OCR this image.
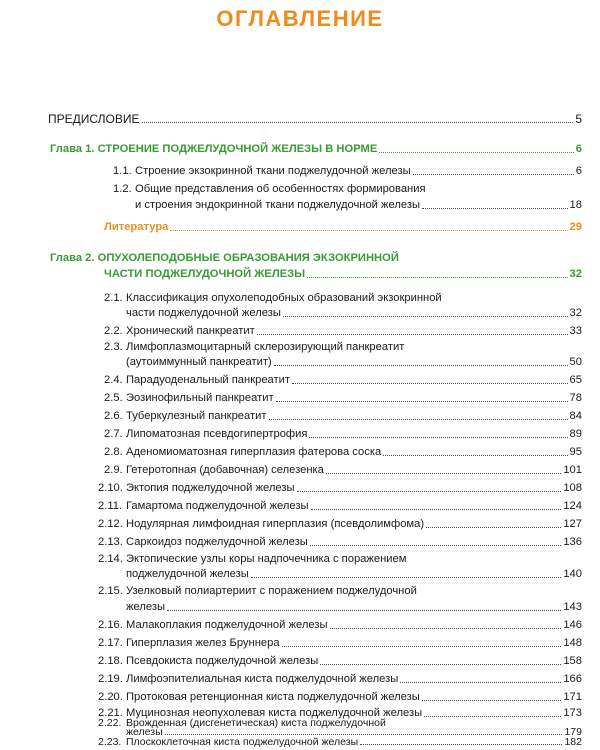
ОГЛАВЛЕНИЕ
ПРЕДИСЛОВИЕ	5
Глава 1. СТРОЕНИЕ ПОДЖЕЛУДОЧНОЙ ЖЕЛЕЗЫ В НОРМЕ	6
1.1. Строение экзокринной ткани поджелудочной железы	6
1.2. Общие представления об особенностях формирования
и строения эндокринной ткани поджелудочной железы	18
Литература	29
Глава 2. ОПУХОЛЕПОДОБНЫЕ ОБРАЗОВАНИЯ ЭКЗОКРИННОЙ
ЧАСТИ ПОДЖЕЛУДОЧНОЙ ЖЕЛЕЗЫ	32
2.1. Классификация опухолеподобных образований экзокринной
части поджелудочной железы	32
2.2. Хронический панкреатит	33
2.3. Лимфоплазмоцитарный склерозирующий панкреатит
(аутоиммунный панкреатит)	50
2.4. Парадуоденальный панкреатит	65
2.5. Эозинофильный панкреатит	78
2.6. Туберкулезный панкреатит	84
2.7. Липоматозная псевдогипертрофия	89
2.8. Аденомиоматозная гиперплазия фатерова соска	95
2.9. Гетеротопная (добавочная) селезенка	101
2.10. Эктопия поджелудочной железы	108
2.11. Гамартома поджелудочной железы	124
2.12. Нодулярная лимфоидная гиперплазия (псевдолимфома)	127
2.13. Саркоидоз поджелудочной железы	136
2.14. Эктопические узлы коры надпочечника с поражением
поджелудочной железы	140
2.15. Узелковый полиартериит с поражением поджелудочной
железы	143
2.16. Малакоплакия поджелудочной железы	146
2.17. Гиперплазия желез Бруннера	148
2.18. Псевдокиста поджелудочной железы	158
2.19. Лимфоэпителиальная киста поджелудочной железы	166
2.20. Протоковая ретенционная киста поджелудочной железы	171
2.21. Муцинозная неопухолевая киста поджелудочной железы	173
2.22. Врожденная (дисгенетическая) киста поджелудочной
железы	179
2.23. Плоскоклеточная киста поджелудочной железы	182
